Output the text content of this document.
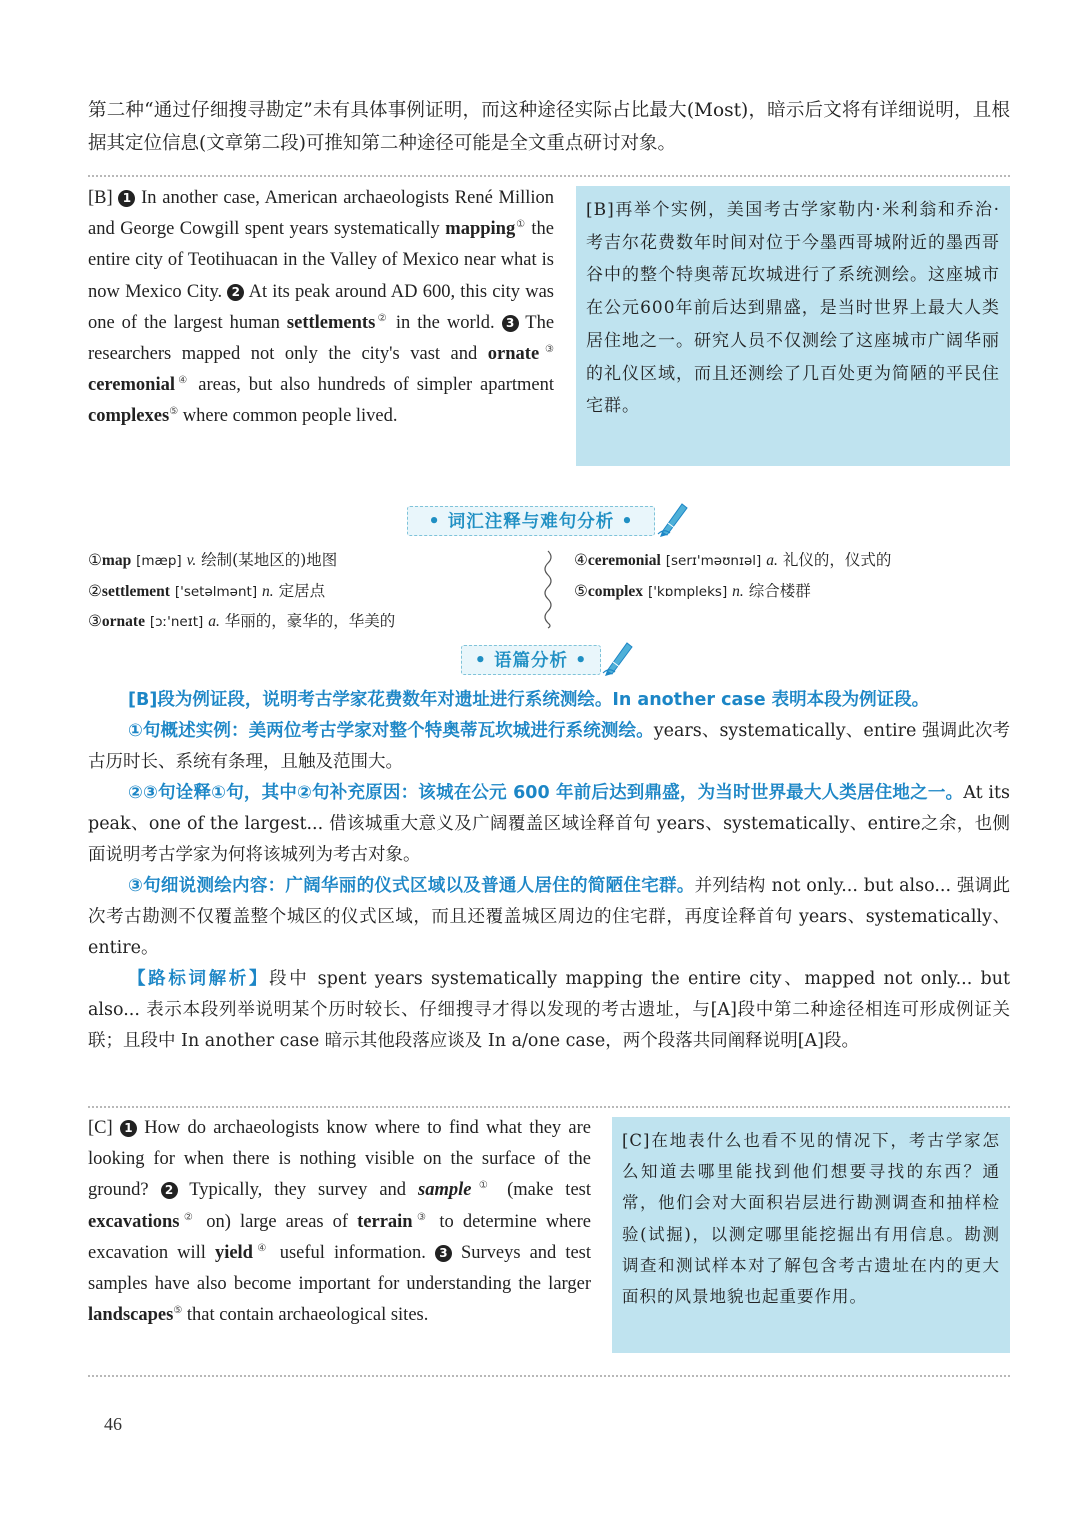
第二种“通过仔细搜寻勘定”未有具体事例证明，而这种途径实际占比最大(Most)，暗示后文将有详细说明，且根据其定位信息(文章第二段)可推知第二种途径可能是全文重点研讨对象。
[B] 1 In another case, American archaeologists René Million and George Cowgill spent years systematically mapping① the entire city of Teotihuacan in the Valley of Mexico near what is now Mexico City. 2 At its peak around AD 600, this city was one of the largest human settlements② in the world. 3 The researchers mapped not only the city's vast and ornate③ ceremonial④ areas, but also hundreds of simpler apartment complexes⑤ where common people lived.
[B]再举个实例，美国考古学家勒内·米利翁和乔治·考吉尔花费数年时间对位于今墨西哥城附近的墨西哥谷中的整个特奥蒂瓦坎城进行了系统测绘。这座城市在公元600年前后达到鼎盛，是当时世界上最大人类居住地之一。研究人员不仅测绘了这座城市广阔华丽的礼仪区域，而且还测绘了几百处更为简陋的平民住宅群。
• 词汇注释与难句分析 •
①map [mæp] v. 绘制(某地区的)地图
②settlement ['setəlmənt] n. 定居点
③ornate [ɔː'neɪt] a. 华丽的，豪华的，华美的
④ceremonial [serɪ'məʊnɪəl] a. 礼仪的，仪式的
⑤complex ['kɒmpleks] n. 综合楼群
• 语篇分析 •
[B]段为例证段，说明考古学家花费数年对遗址进行系统测绘。In another case 表明本段为例证段。
①句概述实例：美两位考古学家对整个特奥蒂瓦坎城进行系统测绘。years、systematically、entire 强调此次考古历时长、系统有条理，且触及范围大。
②③句诠释①句，其中②句补充原因：该城在公元 600 年前后达到鼎盛，为当时世界最大人类居住地之一。At its peak、one of the largest... 借该城重大意义及广阔覆盖区域诠释首句 years、systematically、entire之余，也侧面说明考古学家为何将该城列为考古对象。
③句细说测绘内容：广阔华丽的仪式区域以及普通人居住的简陋住宅群。并列结构 not only... but also... 强调此次考古勘测不仅覆盖整个城区的仪式区域，而且还覆盖城区周边的住宅群，再度诠释首句 years、systematically、entire。
【路标词解析】段中 spent years systematically mapping the entire city、mapped not only... but also... 表示本段列举说明某个历时较长、仔细搜寻才得以发现的考古遗址，与[A]段中第二种途径相连可形成例证关联；且段中 In another case 暗示其他段落应谈及 In a/one case，两个段落共同阐释说明[A]段。
[C] 1 How do archaeologists know where to find what they are looking for when there is nothing visible on the surface of the ground? 2 Typically, they survey and sample① (make test excavations② on) large areas of terrain③ to determine where excavation will yield④ useful information. 3 Surveys and test samples have also become important for understanding the larger landscapes⑤ that contain archaeological sites.
[C]在地表什么也看不见的情况下，考古学家怎么知道去哪里能找到他们想要寻找的东西？通常，他们会对大面积岩层进行勘测调查和抽样检验(试掘)，以测定哪里能挖掘出有用信息。勘测调查和测试样本对了解包含考古遗址在内的更大面积的风景地貌也起重要作用。
46
